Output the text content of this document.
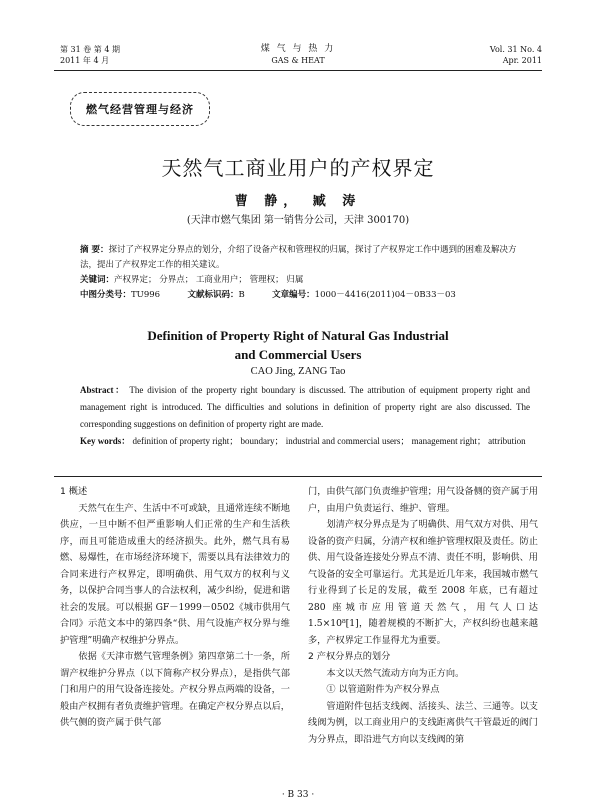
第 31 卷 第 4 期
2011 年 4 月
煤 气 与 热 力
GAS & HEAT
Vol. 31 No. 4
Apr. 2011
燃气经营管理与经济
天然气工商业用户的产权界定
曹 静， 臧 涛
(天津市燃气集团 第一销售分公司，天津 300170)
摘 要：探讨了产权界定分界点的划分，介绍了设备产权和管理权的归属，探讨了产权界定工作中遇到的困难及解决方法，提出了产权界定工作的相关建议。
关键词：产权界定； 分界点； 工商业用户； 管理权； 归属
中图分类号：TU996	文献标识码：B	文章编号：1000－4416(2011)04－0B33－03
Definition of Property Right of Natural Gas Industrial
and Commercial Users
CAO Jing, ZANG Tao
Abstract： The division of the property right boundary is discussed. The attribution of equipment property right and management right is introduced. The difficulties and solutions in definition of property right are also discussed. The corresponding suggestions on definition of property right are made.
Key words： definition of property right； boundary； industrial and commercial users； management right； attribution

1 概述

天然气在生产、生活中不可或缺，且通常连续不断地供应，一旦中断不但严重影响人们正常的生产和生活秩序，而且可能造成重大的经济损失。此外，燃气具有易燃、易爆性，在市场经济环境下，需要以具有法律效力的合同来进行产权界定，即明确供、用气双方的权利与义务，以保护合同当事人的合法权利，减少纠纷，促进和谐社会的发展。可以根据 GF－1999－0502《城市供用气合同》示范文本中的第四条“供、用气设施产权分界与维护管理”明确产权维护分界点。

依据《天津市燃气管理条例》第四章第二十一条，所谓产权维护分界点（以下简称产权分界点），是指供气部门和用户的用气设备连接处。产权分界点两端的设备，一般由产权拥有者负责维护管理。在确定产权分界点以后，供气侧的资产属于供气部

门，由供气部门负责维护管理；用气设备侧的资产属于用户，由用户负责运行、维护、管理。

划清产权分界点是为了明确供、用气双方对供、用气设备的资产归属，分清产权和维护管理权限及责任。防止供、用气设备连接处分界点不清、责任不明，影响供、用气设备的安全可靠运行。尤其是近几年来，我国城市燃气行业得到了长足的发展，截至 2008 年底，已有超过 280 座城市应用管道天然气，用气人口达 1.5×10⁸[1]，随着规模的不断扩大，产权纠纷也越来越多，产权界定工作显得尤为重要。

2 产权分界点的划分

本文以天然气流动方向为正方向。

① 以管道附件为产权分界点

管道附件包括支线阀、活接头、法兰、三通等。以支线阀为例，以工商业用户的支线距离供气干管最近的阀门为分界点，即沿进气方向以支线阀的第

· B 33 ·
